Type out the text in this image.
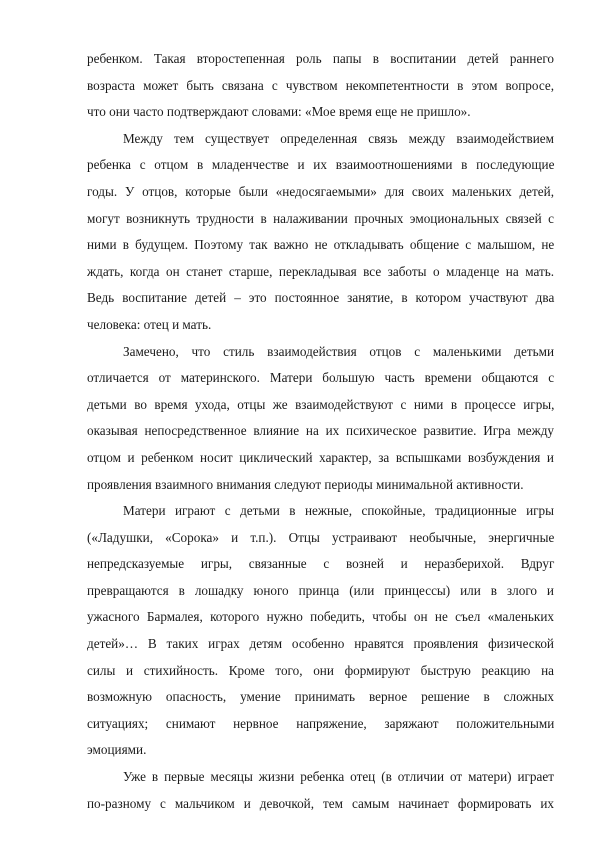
ребенком. Такая второстепенная роль папы в воспитании детей раннего
возраста может быть связана с чувством некомпетентности в этом вопросе,
что они часто подтверждают словами: «Мое время еще не пришло».
Между тем существует определенная связь между взаимодействием
ребенка с отцом в младенчестве и их взаимоотношениями в последующие
годы. У отцов, которые были «недосягаемыми» для своих маленьких детей,
могут возникнуть трудности в налаживании прочных эмоциональных связей с
ними в будущем. Поэтому так важно не откладывать общение с малышом, не
ждать, когда он станет старше, перекладывая все заботы о младенце на мать.
Ведь воспитание детей – это постоянное занятие, в котором участвуют два
человека: отец и мать.
Замечено, что стиль взаимодействия отцов с маленькими детьми
отличается от материнского. Матери большую часть времени общаются с
детьми во время ухода, отцы же взаимодействуют с ними в процессе игры,
оказывая непосредственное влияние на их психическое развитие. Игра между
отцом и ребенком носит циклический характер, за вспышками возбуждения и
проявления взаимного внимания следуют периоды минимальной активности.
Матери играют с детьми в нежные, спокойные, традиционные игры
(«Ладушки, «Сорока» и т.п.). Отцы устраивают необычные, энергичные
непредсказуемые игры, связанные с возней и неразберихой. Вдруг
превращаются в лошадку юного принца (или принцессы) или в злого и
ужасного Бармалея, которого нужно победить, чтобы он не съел «маленьких
детей»… В таких играх детям особенно нравятся проявления физической
силы и стихийность. Кроме того, они формируют быструю реакцию на
возможную опасность, умение принимать верное решение в сложных
ситуациях; снимают нервное напряжение, заряжают положительными
эмоциями.
Уже в первые месяцы жизни ребенка отец (в отличии от матери) играет
по-разному с мальчиком и девочкой, тем самым начинает формировать их
